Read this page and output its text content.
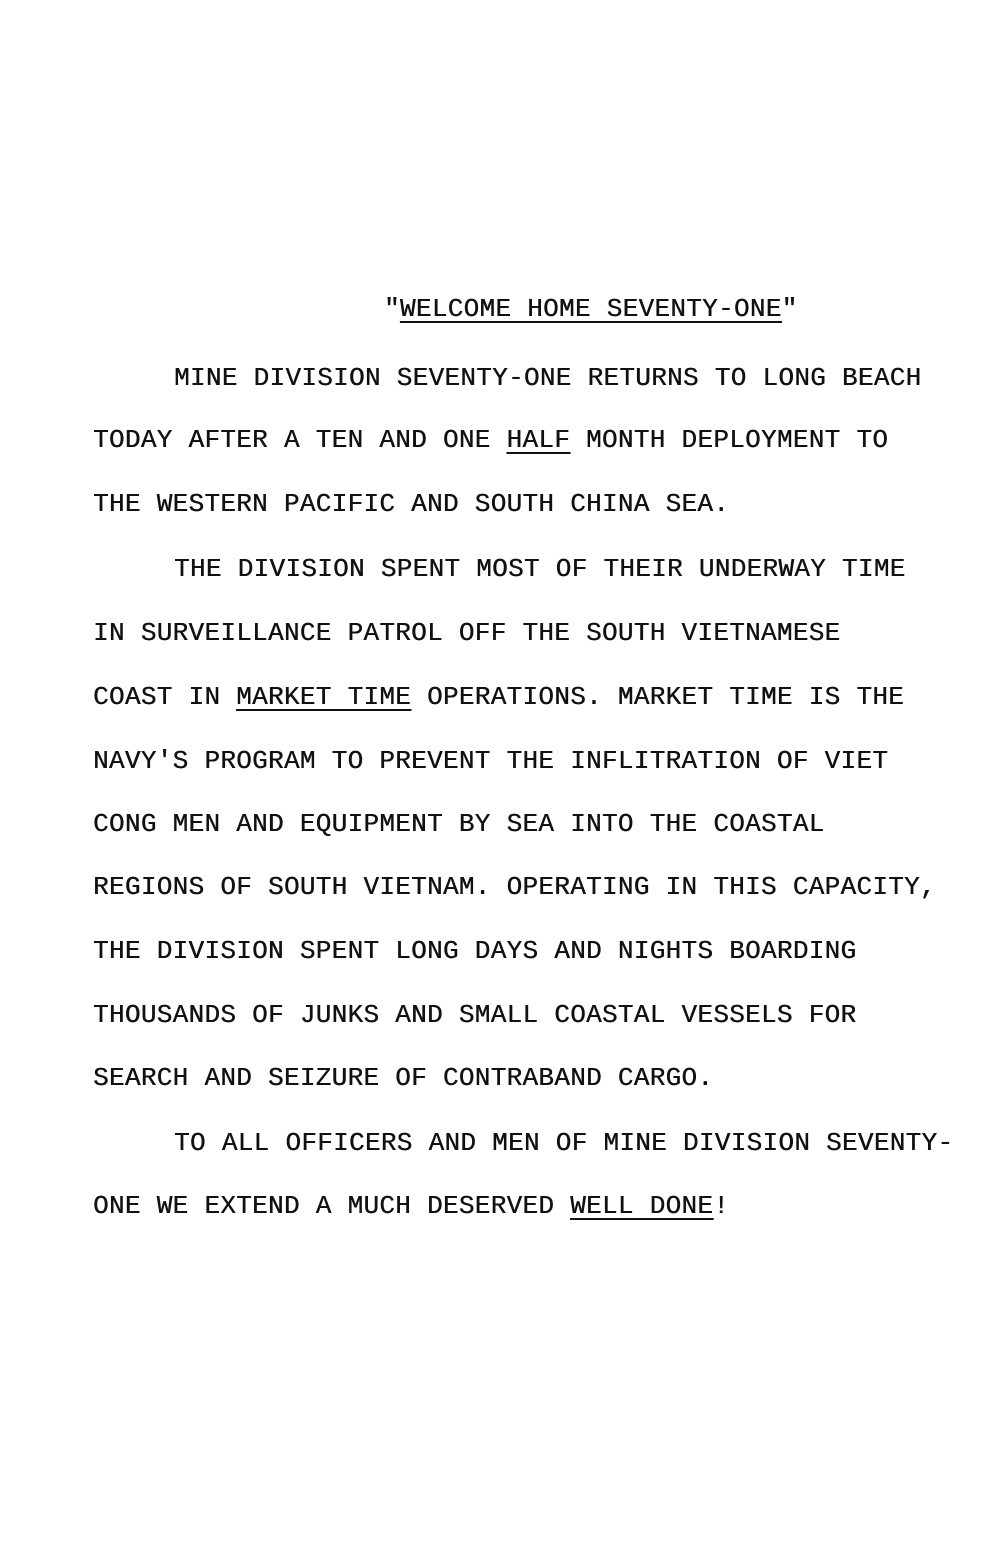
"WELCOME HOME SEVENTY-ONE"
MINE DIVISION SEVENTY-ONE RETURNS TO LONG BEACH
TODAY AFTER A TEN AND ONE HALF MONTH DEPLOYMENT TO
THE WESTERN PACIFIC AND SOUTH CHINA SEA.
THE DIVISION SPENT MOST OF THEIR UNDERWAY TIME
IN SURVEILLANCE PATROL OFF THE SOUTH VIETNAMESE
COAST IN MARKET TIME OPERATIONS. MARKET TIME IS THE
NAVY'S PROGRAM TO PREVENT THE INFLITRATION OF VIET
CONG MEN AND EQUIPMENT BY SEA INTO THE COASTAL
REGIONS OF SOUTH VIETNAM. OPERATING IN THIS CAPACITY,
THE DIVISION SPENT LONG DAYS AND NIGHTS BOARDING
THOUSANDS OF JUNKS AND SMALL COASTAL VESSELS FOR
SEARCH AND SEIZURE OF CONTRABAND CARGO.
TO ALL OFFICERS AND MEN OF MINE DIVISION SEVENTY-
ONE WE EXTEND A MUCH DESERVED WELL DONE!
